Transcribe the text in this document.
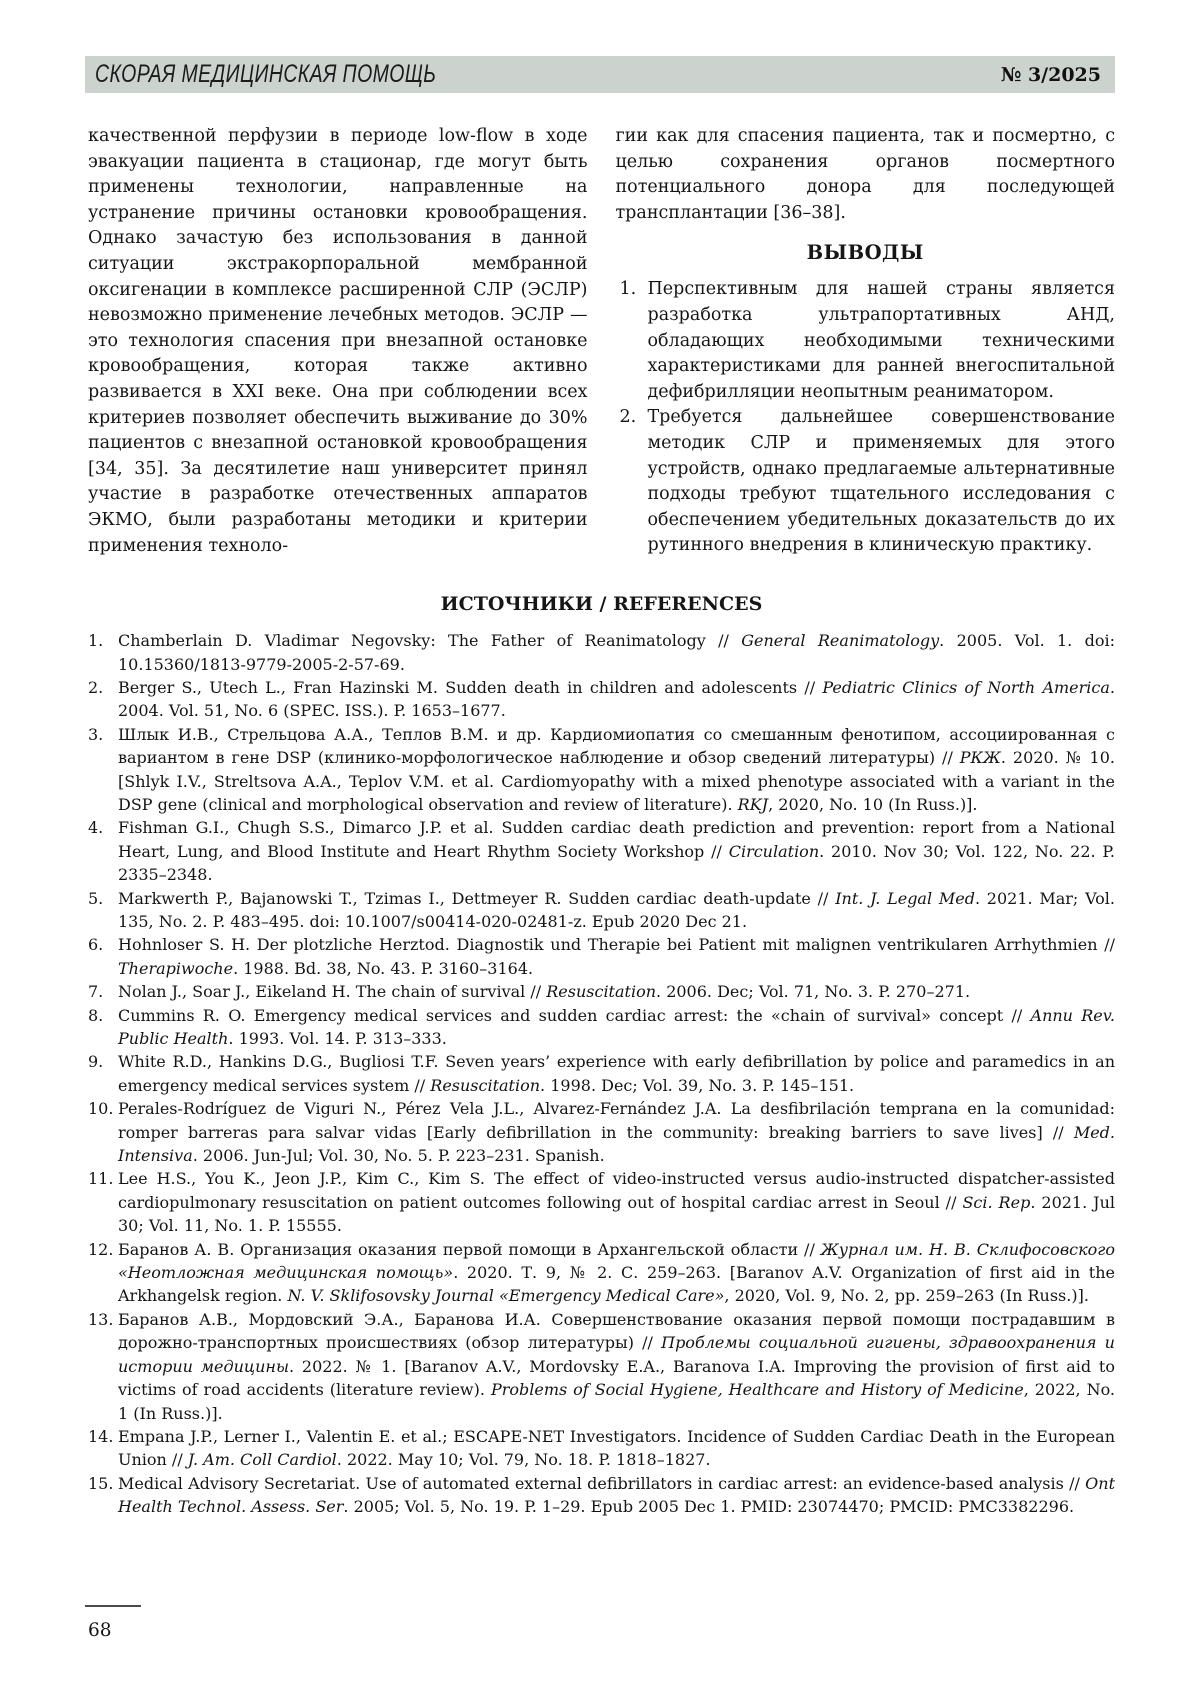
СКОРАЯ МЕДИЦИНСКАЯ ПОМОЩЬ	№ 3/2025

качественной перфузии в периоде low-flow в ходе эвакуации пациента в стационар, где могут быть применены технологии, направленные на устранение причины остановки кровообращения. Однако зачастую без использования в данной ситуации экстракорпоральной мембранной оксигенации в комплексе расширенной СЛР (ЭСЛР) невозможно применение лечебных методов. ЭСЛР — это технология спасения при внезапной остановке кровообращения, которая также активно развивается в XXI веке. Она при соблюдении всех критериев позволяет обеспечить выживание до 30% пациентов с внезапной остановкой кровообращения [34, 35]. За десятилетие наш университет принял участие в разработке отечественных аппаратов ЭКМО, были разработаны методики и критерии применения техноло-

гии как для спасения пациента, так и посмертно, с целью сохранения органов посмертного потенциального донора для последующей трансплантации [36–38].

ВЫВОДЫ
1. Перспективным для нашей страны является разработка ультрапортативных АНД, обладающих необходимыми техническими характеристиками для ранней внегоспитальной дефибрилляции неопытным реаниматором.
2. Требуется дальнейшее совершенствование методик СЛР и применяемых для этого устройств, однако предлагаемые альтернативные подходы требуют тщательного исследования с обеспечением убедительных доказательств до их рутинного внедрения в клиническую практику.
ИСТОЧНИКИ / REFERENCES
1. Chamberlain D. Vladimar Negovsky: The Father of Reanimatology // General Reanimatology. 2005. Vol. 1. doi: 10.15360/1813-9779-2005-2-57-69.
2. Berger S., Utech L., Fran Hazinski M. Sudden death in children and adolescents // Pediatric Clinics of North America. 2004. Vol. 51, No. 6 (SPEC. ISS.). P. 1653–1677.
3. Шлык И.В., Стрельцова А.А., Теплов В.М. и др. Кардиомиопатия со смешанным фенотипом, ассоциированная с вариантом в гене DSP (клинико-морфологическое наблюдение и обзор сведений литературы) // РКЖ. 2020. № 10. [Shlyk I.V., Streltsova A.A., Teplov V.M. et al. Cardiomyopathy with a mixed phenotype associated with a variant in the DSP gene (clinical and morphological observation and review of literature). RKJ, 2020, No. 10 (In Russ.)].
4. Fishman G.I., Chugh S.S., Dimarco J.P. et al. Sudden cardiac death prediction and prevention: report from a National Heart, Lung, and Blood Institute and Heart Rhythm Society Workshop // Circulation. 2010. Nov 30; Vol. 122, No. 22. P. 2335–2348.
5. Markwerth P., Bajanowski T., Tzimas I., Dettmeyer R. Sudden cardiac death-update // Int. J. Legal Med. 2021. Mar; Vol. 135, No. 2. P. 483–495. doi: 10.1007/s00414-020-02481-z. Epub 2020 Dec 21.
6. Hohnloser S. H. Der plotzliche Herztod. Diagnostik und Therapie bei Patient mit malignen ventrikularen Arrhythmien // Therapiwoche. 1988. Bd. 38, No. 43. P. 3160–3164.
7. Nolan J., Soar J., Eikeland H. The chain of survival // Resuscitation. 2006. Dec; Vol. 71, No. 3. P. 270–271.
8. Cummins R. O. Emergency medical services and sudden cardiac arrest: the «chain of survival» concept // Annu Rev. Public Health. 1993. Vol. 14. P. 313–333.
9. White R.D., Hankins D.G., Bugliosi T.F. Seven years’ experience with early defibrillation by police and paramedics in an emergency medical services system // Resuscitation. 1998. Dec; Vol. 39, No. 3. P. 145–151.
10. Perales-Rodríguez de Viguri N., Pérez Vela J.L., Alvarez-Fernández J.A. La desfibrilación temprana en la comunidad: romper barreras para salvar vidas [Early defibrillation in the community: breaking barriers to save lives] // Med. Intensiva. 2006. Jun-Jul; Vol. 30, No. 5. P. 223–231. Spanish.
11. Lee H.S., You K., Jeon J.P., Kim C., Kim S. The effect of video-instructed versus audio-instructed dispatcher-assisted cardiopulmonary resuscitation on patient outcomes following out of hospital cardiac arrest in Seoul // Sci. Rep. 2021. Jul 30; Vol. 11, No. 1. P. 15555.
12. Баранов А. В. Организация оказания первой помощи в Архангельской области // Журнал им. Н. В. Склифосовского «Неотложная медицинская помощь». 2020. Т. 9, № 2. С. 259–263. [Baranov A.V. Organization of first aid in the Arkhangelsk region. N. V. Sklifosovsky Journal «Emergency Medical Care», 2020, Vol. 9, No. 2, pp. 259–263 (In Russ.)].
13. Баранов А.В., Мордовский Э.А., Баранова И.А. Совершенствование оказания первой помощи пострадавшим в дорожно-транспортных происшествиях (обзор литературы) // Проблемы социальной гигиены, здравоохранения и истории медицины. 2022. № 1. [Baranov A.V., Mordovsky E.A., Baranova I.A. Improving the provision of first aid to victims of road accidents (literature review). Problems of Social Hygiene, Healthcare and History of Medicine, 2022, No. 1 (In Russ.)].
14. Empana J.P., Lerner I., Valentin E. et al.; ESCAPE-NET Investigators. Incidence of Sudden Cardiac Death in the European Union // J. Am. Coll Cardiol. 2022. May 10; Vol. 79, No. 18. P. 1818–1827.
15. Medical Advisory Secretariat. Use of automated external defibrillators in cardiac arrest: an evidence-based analysis // Ont Health Technol. Assess. Ser. 2005; Vol. 5, No. 19. P. 1–29. Epub 2005 Dec 1. PMID: 23074470; PMCID: PMC3382296.
68
